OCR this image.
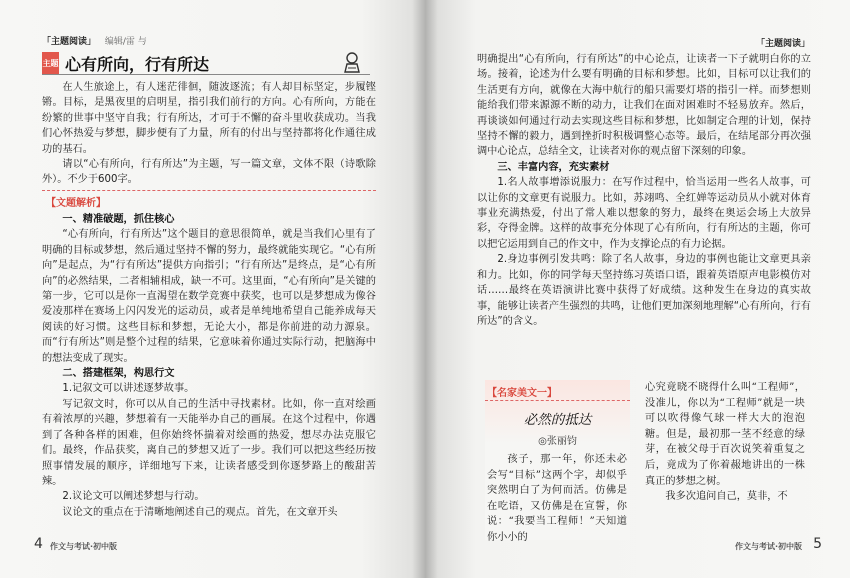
「主题阅读」 编辑/雷 与
主题 心有所向，行有所达

在人生旅途上，有人迷茫徘徊，随波逐流；有人却目标坚定，步履铿锵。目标，是黑夜里的启明星，指引我们前行的方向。心有所向，方能在纷繁的世事中坚守自我；行有所达，才可于不懈的奋斗里收获成功。当我们心怀热爱与梦想，脚步便有了力量，所有的付出与坚持都将化作通往成功的基石。

请以“心有所向，行有所达”为主题，写一篇文章，文体不限（诗歌除外）。不少于600字。

【文题解析】

一、精准破题，抓住核心

“心有所向，行有所达”这个题目的意思很简单，就是当我们心里有了明确的目标或梦想，然后通过坚持不懈的努力，最终就能实现它。“心有所向”是起点，为“行有所达”提供方向指引；“行有所达”是终点，是“心有所向”的必然结果，二者相辅相成，缺一不可。这里面，“心有所向”是关键的第一步，它可以是你一直渴望在数学竞赛中获奖，也可以是梦想成为像谷爱凌那样在赛场上闪闪发光的运动员，或者是单纯地希望自己能养成每天阅读的好习惯。这些目标和梦想，无论大小，都是你前进的动力源泉。而“行有所达”则是整个过程的结果，它意味着你通过实际行动，把脑海中的想法变成了现实。

二、搭建框架，构思行文

1.记叙文可以讲述逐梦故事。

写记叙文时，你可以从自己的生活中寻找素材。比如，你一直对绘画有着浓厚的兴趣，梦想着有一天能举办自己的画展。在这个过程中，你遇到了各种各样的困难，但你始终怀揣着对绘画的热爱，想尽办法克服它们。最终，作品获奖，离自己的梦想又近了一步。我们可以把这些经历按照事情发展的顺序，详细地写下来，让读者感受到你逐梦路上的酸甜苦辣。

2.议论文可以阐述梦想与行动。

议论文的重点在于清晰地阐述自己的观点。首先，在文章开头

4 作文与考试·初中版
「主题阅读」

明确提出“心有所向，行有所达”的中心论点，让读者一下子就明白你的立场。接着，论述为什么要有明确的目标和梦想。比如，目标可以让我们的生活更有方向，就像在大海中航行的船只需要灯塔的指引一样。而梦想则能给我们带来源源不断的动力，让我们在面对困难时不轻易放弃。然后，再谈谈如何通过行动去实现这些目标和梦想，比如制定合理的计划，保持坚持不懈的毅力，遇到挫折时积极调整心态等。最后，在结尾部分再次强调中心论点，总结全文，让读者对你的观点留下深刻的印象。

三、丰富内容，充实素材

1.名人故事增添说服力：在写作过程中，恰当运用一些名人故事，可以让你的文章更有说服力。比如，苏翊鸣、全红婵等运动员从小就对体育事业充满热爱，付出了常人难以想象的努力，最终在奥运会场上大放异彩，夺得金牌。这样的故事充分体现了心有所向，行有所达的主题，你可以把它运用到自己的作文中，作为支撑论点的有力论据。

2.身边事例引发共鸣：除了名人故事，身边的事例也能让文章更具亲和力。比如，你的同学每天坚持练习英语口语，跟着英语原声电影模仿对话……最终在英语演讲比赛中获得了好成绩。这种发生在身边的真实故事，能够让读者产生强烈的共鸣，让他们更加深刻地理解“心有所向，行有所达”的含义。

【名家美文一】
必然的抵达
◎张丽钧

孩子，那一年，你还未必会写“目标”这两个字，却似乎突然明白了为何而活。仿佛是在吃语，又仿佛是在宣誓，你说：“我要当工程师！”天知道你小小的

心究竟晓不晓得什么叫“工程师”，没准儿，你以为“工程师”就是一块可以吹得像气球一样大大的泡泡糖。但是，最初那一茎不经意的绿芽，在被父母于百次说笑着重复之后，竟成为了你着赧地讲出的一株真正的梦想之树。

我多次追问自己，莫非，不

作文与考试·初中版 5
